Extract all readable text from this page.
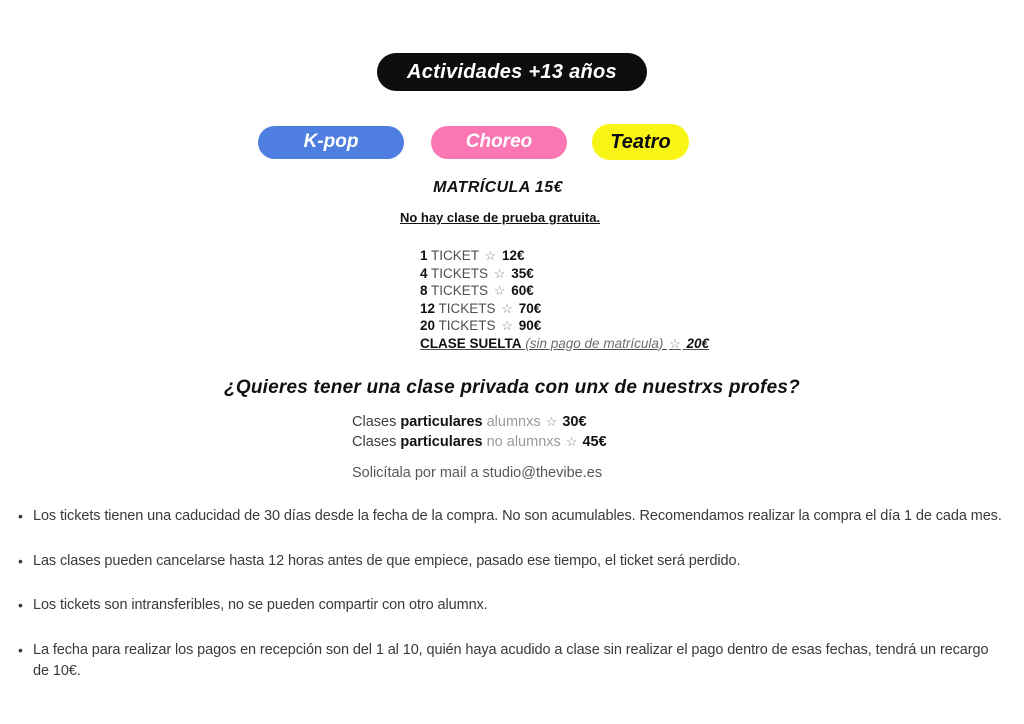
Actividades +13 años
K-pop	Choreo	Teatro
MATRÍCULA 15€
No hay clase de prueba gratuita.
1 TICKET ☆ 12€
4 TICKETS ☆ 35€
8 TICKETS ☆ 60€
12 TICKETS ☆ 70€
20 TICKETS ☆ 90€
CLASE SUELTA (sin pago de matrícula) ☆ 20€
¿Quieres tener una clase privada con unx de nuestrxs profes?
Clases particulares alumnxs ☆ 30€
Clases particulares no alumnxs ☆ 45€
Solicítala por mail a studio@thevibe.es
• Los tickets tienen una caducidad de 30 días desde la fecha de la compra. No son acumulables. Recomendamos realizar la compra el día 1 de cada mes.
• Las clases pueden cancelarse hasta 12 horas antes de que empiece, pasado ese tiempo, el ticket será perdido.
• Los tickets son intransferibles, no se pueden compartir con otro alumnx.
• La fecha para realizar los pagos en recepción son del 1 al 10, quién haya acudido a clase sin realizar el pago dentro de esas fechas, tendrá un recargo de 10€.
